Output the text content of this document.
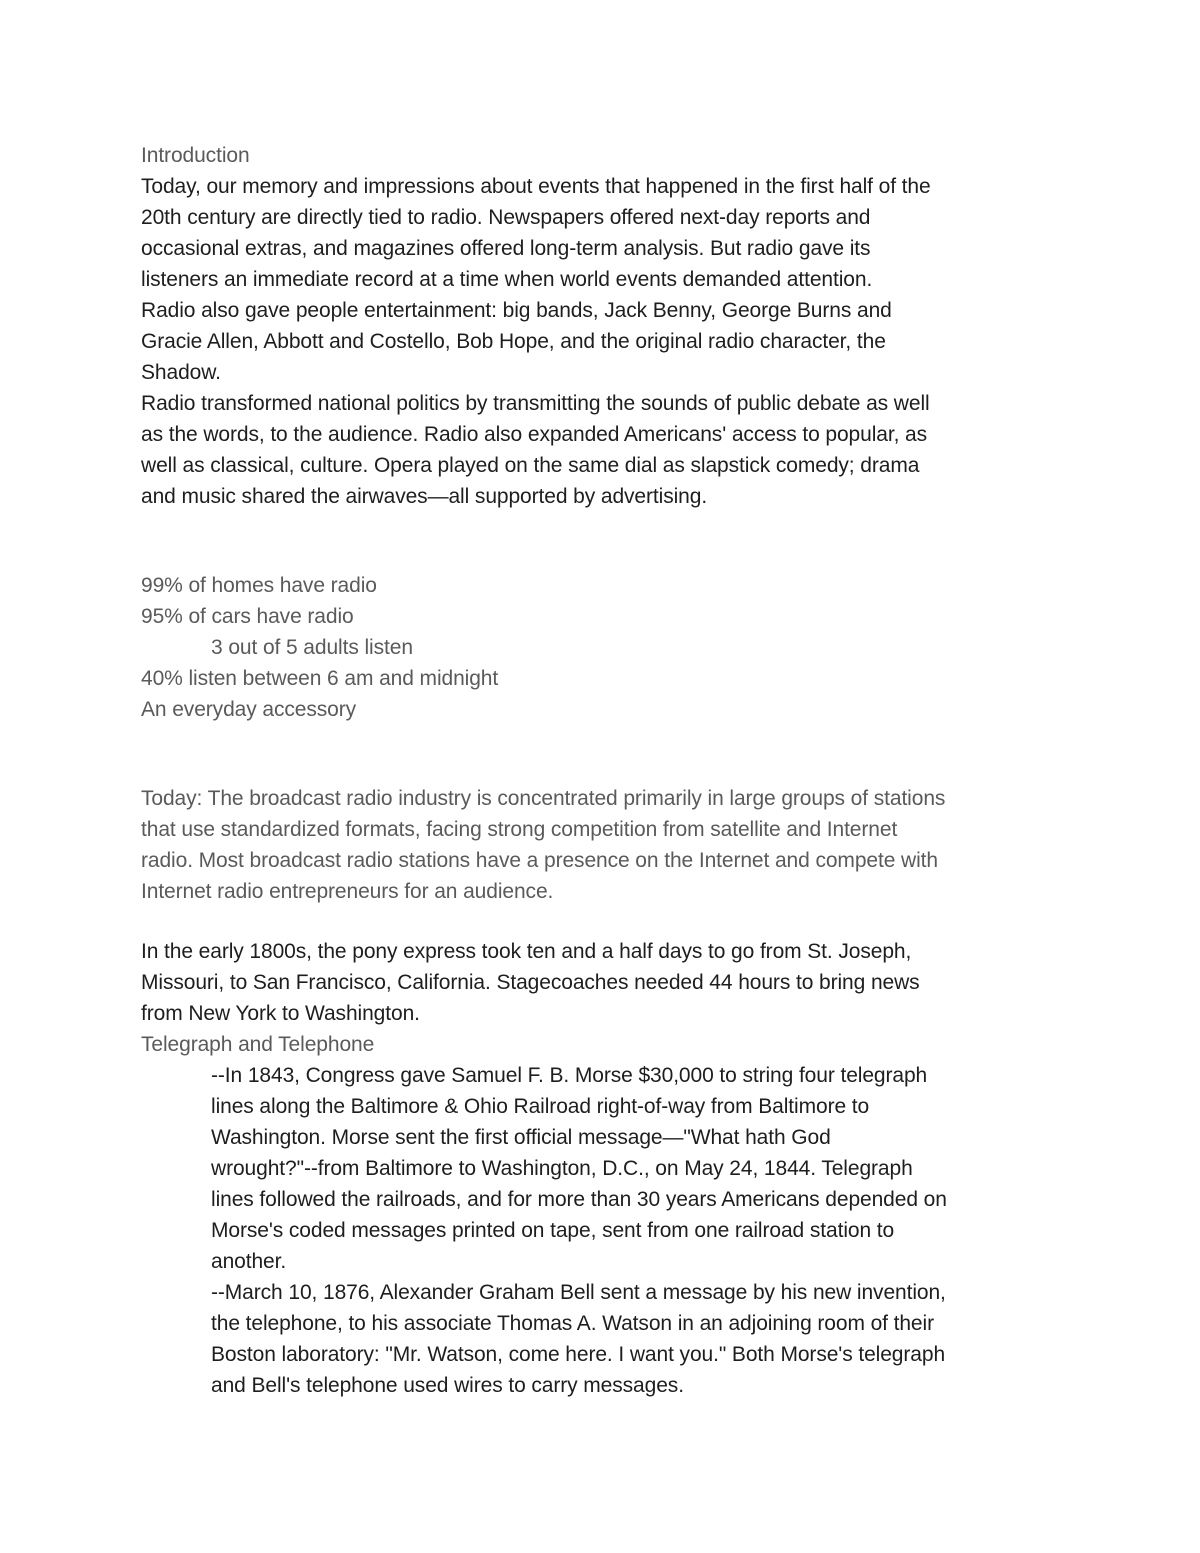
Introduction
Today, our memory and impressions about events that happened in the first half of the
20th century are directly tied to radio. Newspapers offered next-day reports and
occasional extras, and magazines offered long-term analysis. But radio gave its
listeners an immediate record at a time when world events demanded attention.
Radio also gave people entertainment: big bands, Jack Benny, George Burns and
Gracie Allen, Abbott and Costello, Bob Hope, and the original radio character, the
Shadow.
Radio transformed national politics by transmitting the sounds of public debate as well
as the words, to the audience. Radio also expanded Americans' access to popular, as
well as classical, culture. Opera played on the same dial as slapstick comedy; drama
and music shared the airwaves—all supported by advertising.
99% of homes have radio
95% of cars have radio
3 out of 5 adults listen
40% listen between 6 am and midnight
An everyday accessory
Today: The broadcast radio industry is concentrated primarily in large groups of stations
that use standardized formats, facing strong competition from satellite and Internet
radio. Most broadcast radio stations have a presence on the Internet and compete with
Internet radio entrepreneurs for an audience.
In the early 1800s, the pony express took ten and a half days to go from St. Joseph,
Missouri, to San Francisco, California. Stagecoaches needed 44 hours to bring news
from New York to Washington.
Telegraph and Telephone
--In 1843, Congress gave Samuel F. B. Morse $30,000 to string four telegraph
lines along the Baltimore & Ohio Railroad right-of-way from Baltimore to
Washington. Morse sent the first official message—"What hath God
wrought?"--from Baltimore to Washington, D.C., on May 24, 1844. Telegraph
lines followed the railroads, and for more than 30 years Americans depended on
Morse's coded messages printed on tape, sent from one railroad station to
another.
--March 10, 1876, Alexander Graham Bell sent a message by his new invention,
the telephone, to his associate Thomas A. Watson in an adjoining room of their
Boston laboratory: "Mr. Watson, come here. I want you." Both Morse's telegraph
and Bell's telephone used wires to carry messages.
